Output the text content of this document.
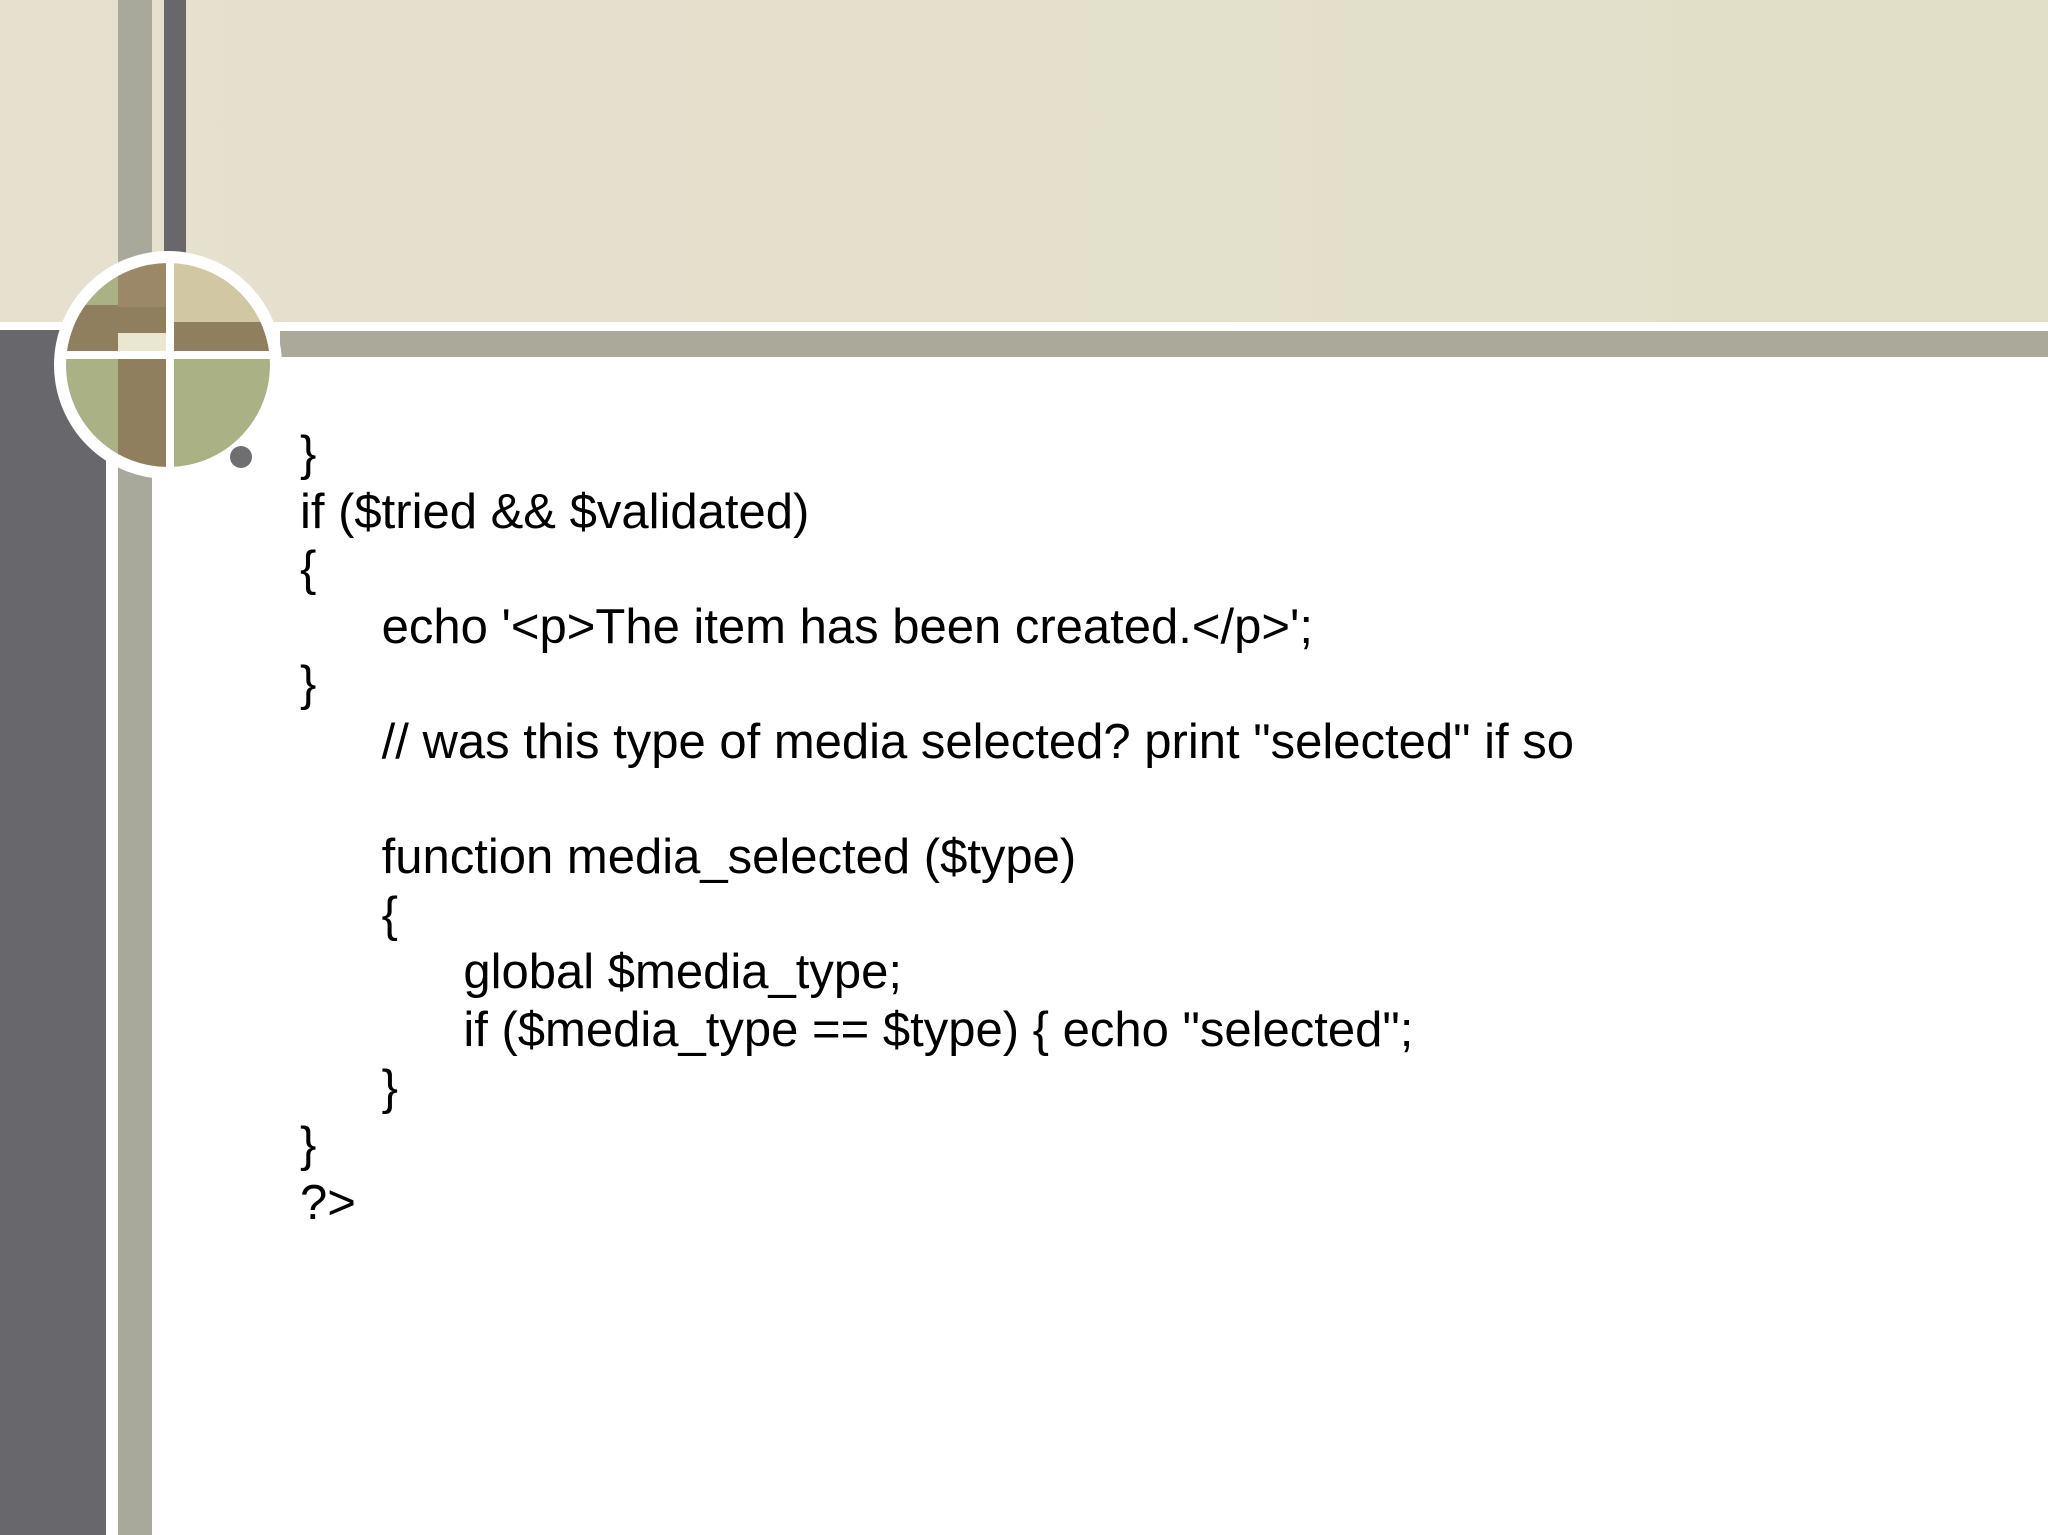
}
if ($tried && $validated)
{
echo '<p>The item has been created.</p>';
}
// was this type of media selected? print "selected" if so
function media_selected ($type)
{
global $media_type;
if ($media_type == $type) { echo "selected";
}
}
?>
